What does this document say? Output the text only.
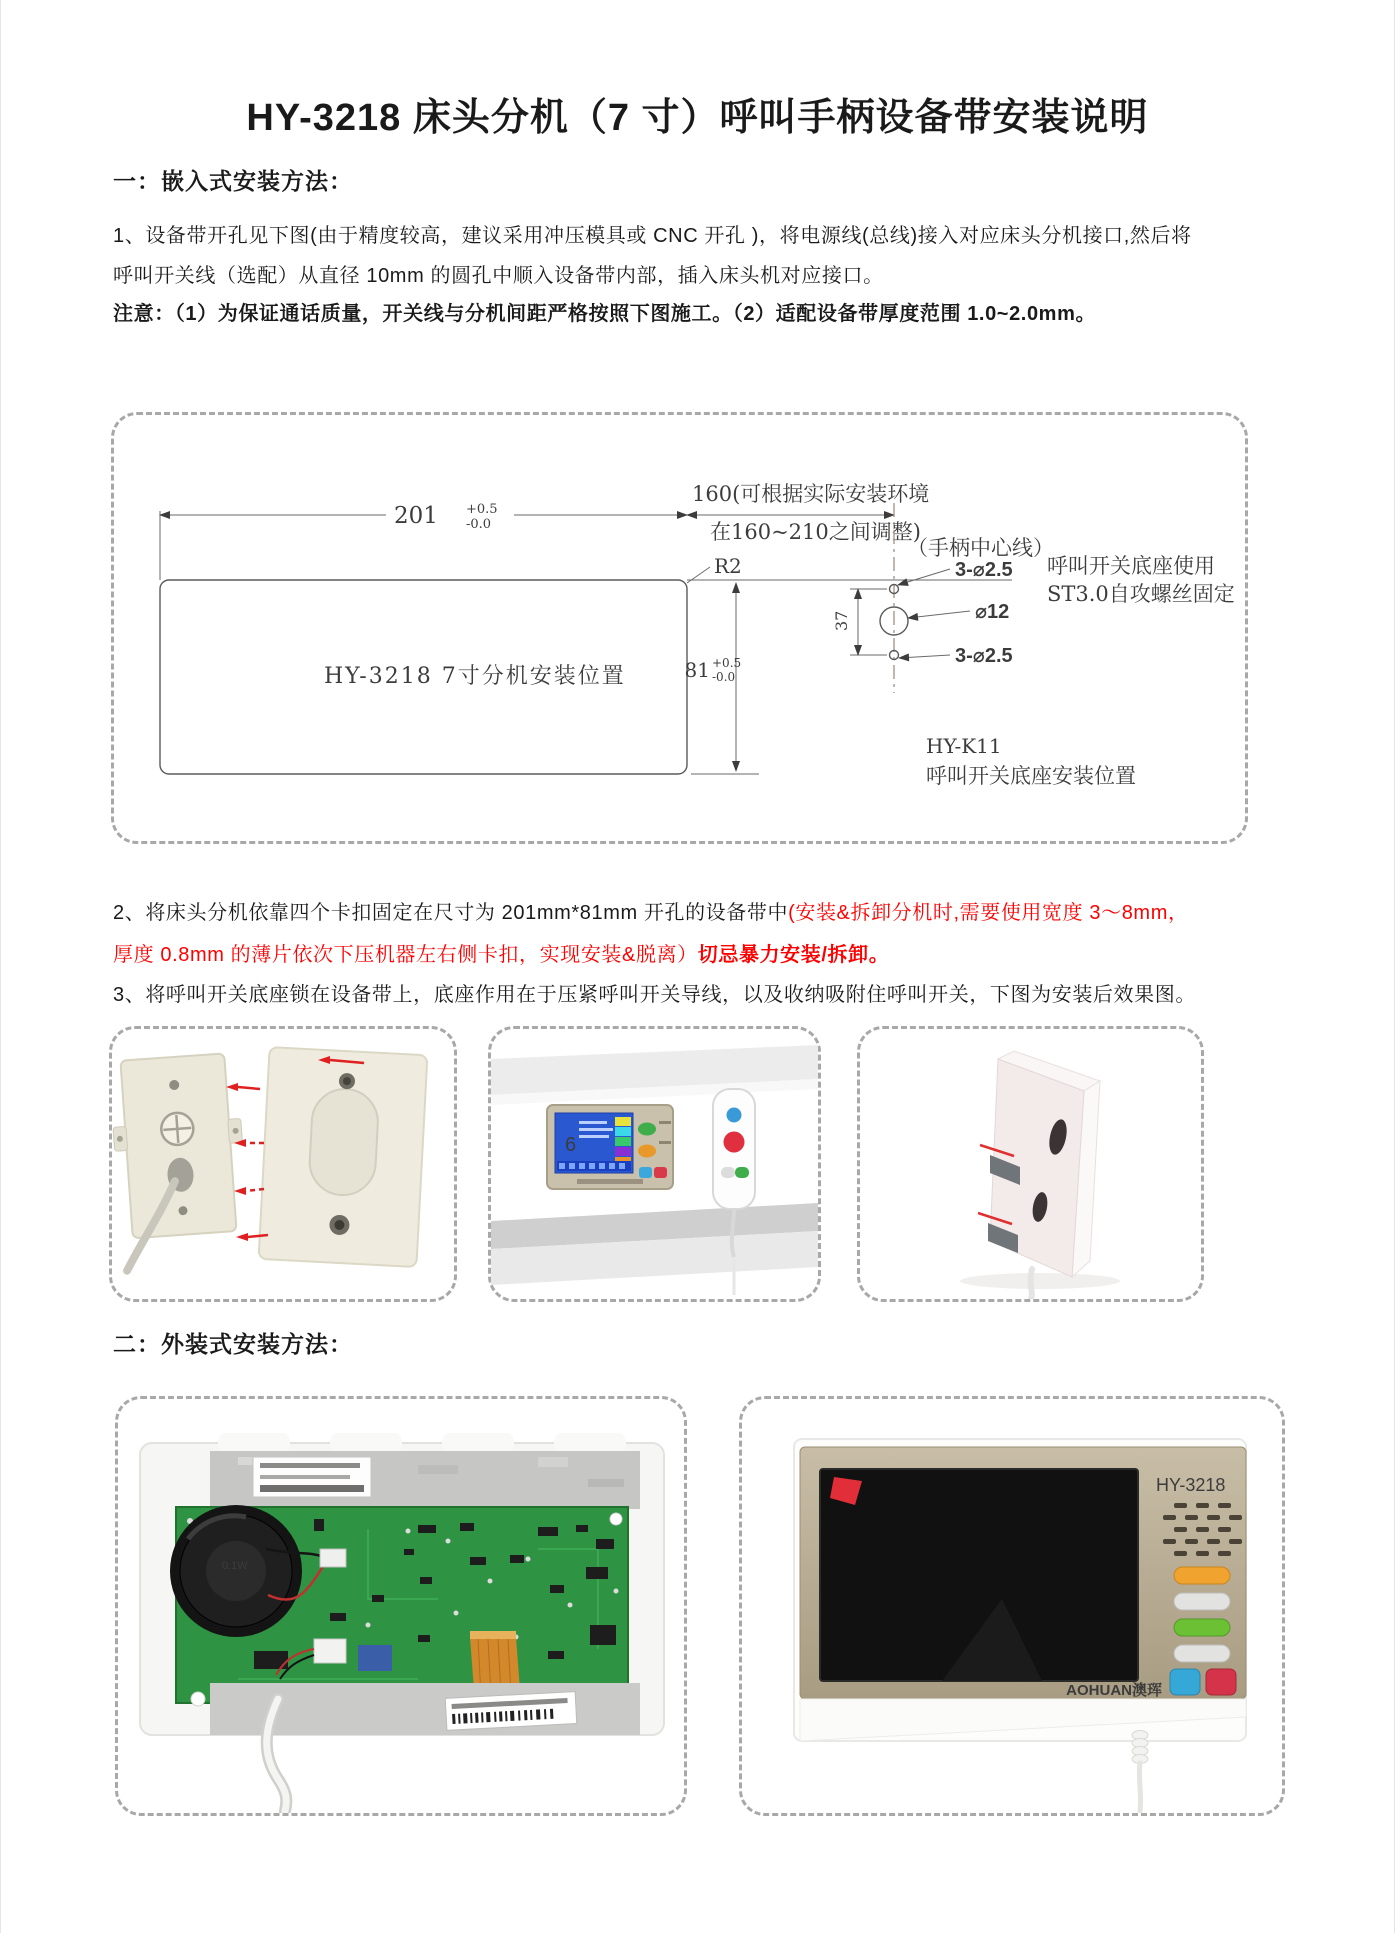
HY-3218 床头分机（7 寸）呼叫手柄设备带安装说明
一：嵌入式安装方法：
1、设备带开孔见下图(由于精度较高，建议采用冲压模具或 CNC 开孔 )，将电源线(总线)接入对应床头分机接口,然后将
呼叫开关线（选配）从直径 10mm 的圆孔中顺入设备带内部，插入床头机对应接口。
注意：（1）为保证通话质量，开关线与分机间距严格按照下图施工。（2）适配设备带厚度范围 1.0~2.0mm。
HY-3218 7寸分机安装位置
201 +0.5
-0.0
160(可根据实际安装环境
在160~210之间调整)
R2
81 +0.5
-0.0
（手柄中心线）
37
3-⌀2.5
⌀12
3-⌀2.5
呼叫开关底座使用
ST3.0自攻螺丝固定
HY-K11
呼叫开关底座安装位置
2、将床头分机依靠四个卡扣固定在尺寸为 201mm*81mm 开孔的设备带中(安装&拆卸分机时,需要使用宽度 3～8mm，
厚度 0.8mm 的薄片依次下压机器左右侧卡扣，实现安装&脱离）切忌暴力安装/拆卸。
3、将呼叫开关底座锁在设备带上，底座作用在于压紧呼叫开关导线，以及收纳吸附住呼叫开关，下图为安装后效果图。
6
二：外装式安装方法：
0.1W
HY-3218
AOHUAN澳珲
